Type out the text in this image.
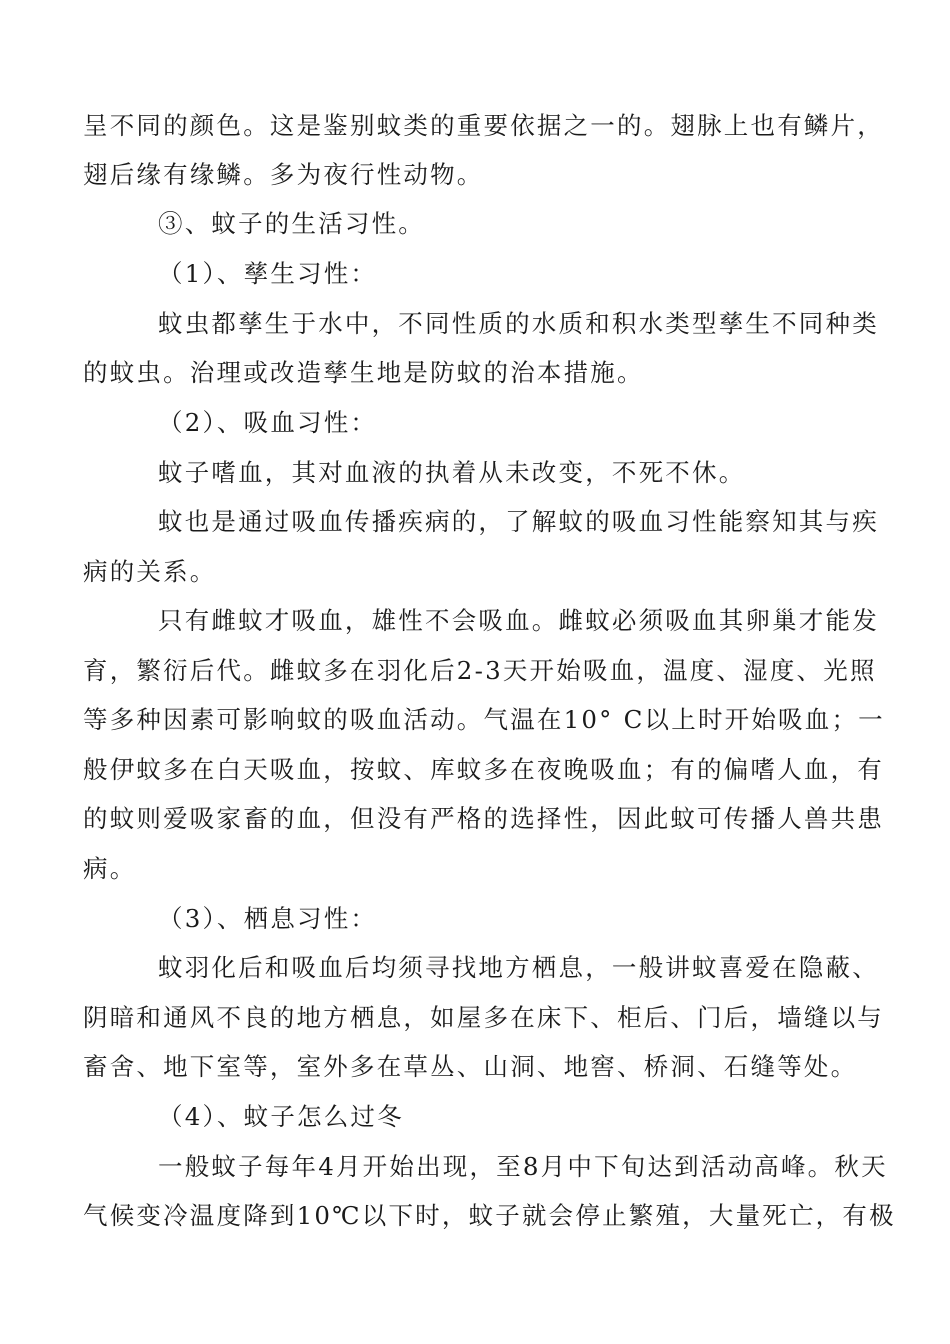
呈不同的颜色。这是鉴别蚊类的重要依据之一的。翅脉上也有鳞片，
翅后缘有缘鳞。多为夜行性动物。
③、蚊子的生活习性。
（1）、孳生习性：
蚊虫都孳生于水中，不同性质的水质和积水类型孳生不同种类
的蚊虫。治理或改造孳生地是防蚊的治本措施。
（2）、吸血习性：
蚊子嗜血，其对血液的执着从未改变，不死不休。
蚊也是通过吸血传播疾病的，了解蚊的吸血习性能察知其与疾
病的关系。
只有雌蚊才吸血，雄性不会吸血。雌蚊必须吸血其卵巢才能发
育，繁衍后代。雌蚊多在羽化后2-3天开始吸血，温度、湿度、光照
等多种因素可影响蚊的吸血活动。气温在10° C以上时开始吸血；一
般伊蚊多在白天吸血，按蚊、库蚊多在夜晚吸血；有的偏嗜人血，有
的蚊则爱吸家畜的血，但没有严格的选择性，因此蚊可传播人兽共患
病。
（3）、栖息习性：
蚊羽化后和吸血后均须寻找地方栖息，一般讲蚊喜爱在隐蔽、
阴暗和通风不良的地方栖息，如屋多在床下、柜后、门后，墙缝以与
畜舍、地下室等，室外多在草丛、山洞、地窖、桥洞、石缝等处。
（4）、蚊子怎么过冬
一般蚊子每年4月开始出现，至8月中下旬达到活动高峰。秋天
气候变冷温度降到10℃以下时，蚊子就会停止繁殖，大量死亡，有极
